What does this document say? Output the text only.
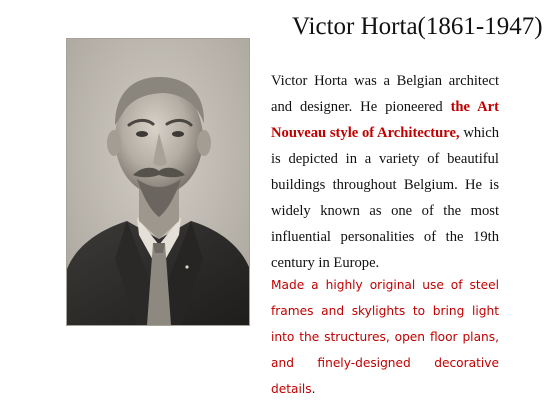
Victor Horta(1861-1947)
Victor Horta was a Belgian architect and designer. He pioneered the Art Nouveau style of Architecture, which is depicted in a variety of beautiful buildings throughout Belgium. He is widely known as one of the most influential personalities of the 19th century in Europe.
Made a highly original use of steel frames and skylights to bring light into the structures, open floor plans, and finely-designed decorative details.
